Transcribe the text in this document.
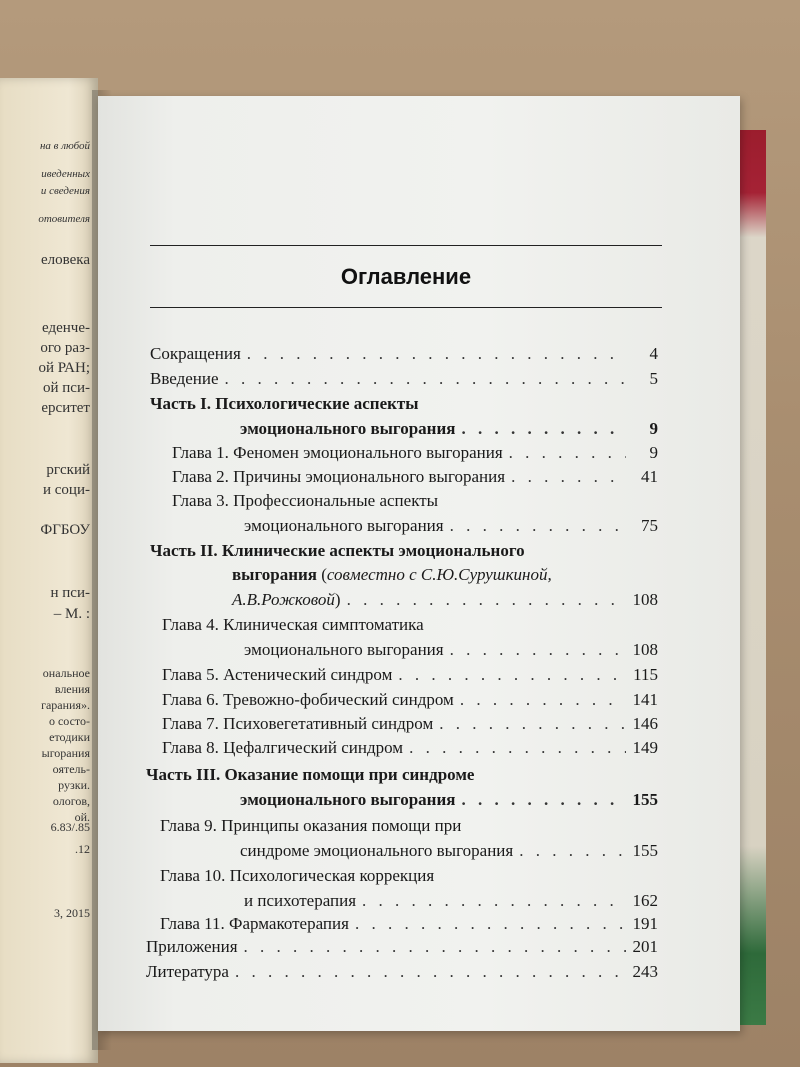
на в любой
иведенных
и сведения
отовителя
еловека
еденче-
ого раз-
ой РАН;
ой пси-
ерситет
ргский
и соци-
ФГБОУ
н пси-
– М. :
ональное
вления
гарания».
о состо-
етодики
ыгорания
оятель-
рузки.
ологов,
ой.
6.83/.85
.12
3, 2015
Оглавление
Сокращения . . .	4
Введение . . .	5
Часть I. Психологические аспекты
эмоционального выгорания . . .	9
Глава 1. Феномен эмоционального выгорания . . .	9
Глава 2. Причины эмоционального выгорания . . .	41
Глава 3. Профессиональные аспекты
эмоционального выгорания . . .	75
Часть II. Клинические аспекты эмоционального
выгорания ( совместно с С.Ю.Сурушкиной,
А.В.Рожковой) . . .	108
Глава 4. Клиническая симптоматика
эмоционального выгорания . . .	108
Глава 5. Астенический синдром . . .	115
Глава 6. Тревожно-фобический синдром . . .	141
Глава 7. Психовегетативный синдром . . .	146
Глава 8. Цефалгический синдром . . .	149
Часть III. Оказание помощи при синдроме
эмоционального выгорания . . .	155
Глава 9. Принципы оказания помощи при
синдроме эмоционального выгорания . . .	155
Глава 10. Психологическая коррекция
и психотерапия . . .	162
Глава 11. Фармакотерапия . . .	191
Приложения . . .	201
Литература . . .	243
